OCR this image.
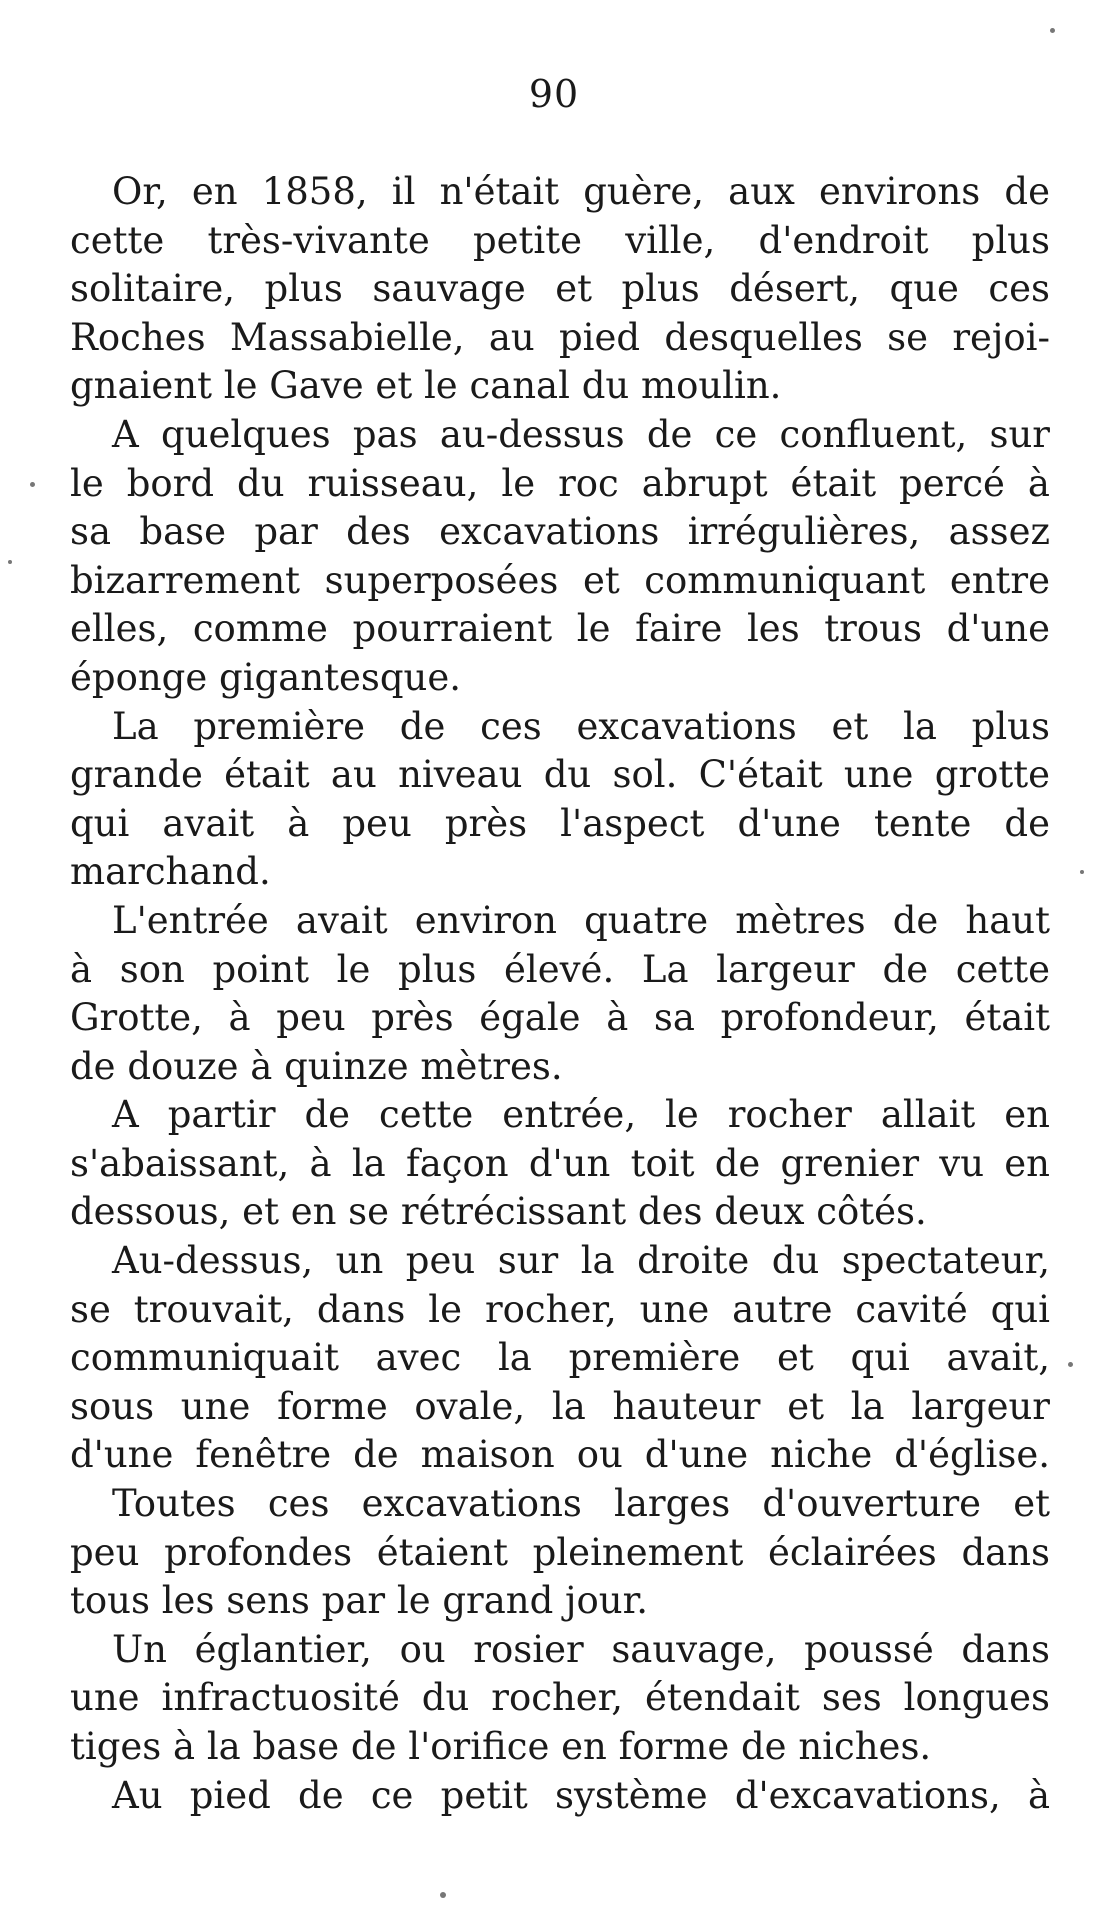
90
Or, en 1858, il n'était guère, aux environs de
cette très-vivante petite ville, d'endroit plus
solitaire, plus sauvage et plus désert, que ces
Roches Massabielle, au pied desquelles se rejoi-
gnaient le Gave et le canal du moulin.
A quelques pas au-dessus de ce confluent, sur
le bord du ruisseau, le roc abrupt était percé à
sa base par des excavations irrégulières, assez
bizarrement superposées et communiquant entre
elles, comme pourraient le faire les trous d'une
éponge gigantesque.
La première de ces excavations et la plus
grande était au niveau du sol. C'était une grotte
qui avait à peu près l'aspect d'une tente de
marchand.
L'entrée avait environ quatre mètres de haut
à son point le plus élevé. La largeur de cette
Grotte, à peu près égale à sa profondeur, était
de douze à quinze mètres.
A partir de cette entrée, le rocher allait en
s'abaissant, à la façon d'un toit de grenier vu en
dessous, et en se rétrécissant des deux côtés.
Au-dessus, un peu sur la droite du spectateur,
se trouvait, dans le rocher, une autre cavité qui
communiquait avec la première et qui avait,
sous une forme ovale, la hauteur et la largeur
d'une fenêtre de maison ou d'une niche d'église.
Toutes ces excavations larges d'ouverture et
peu profondes étaient pleinement éclairées dans
tous les sens par le grand jour.
Un églantier, ou rosier sauvage, poussé dans
une infractuosité du rocher, étendait ses longues
tiges à la base de l'orifice en forme de niches.
Au pied de ce petit système d'excavations, à
